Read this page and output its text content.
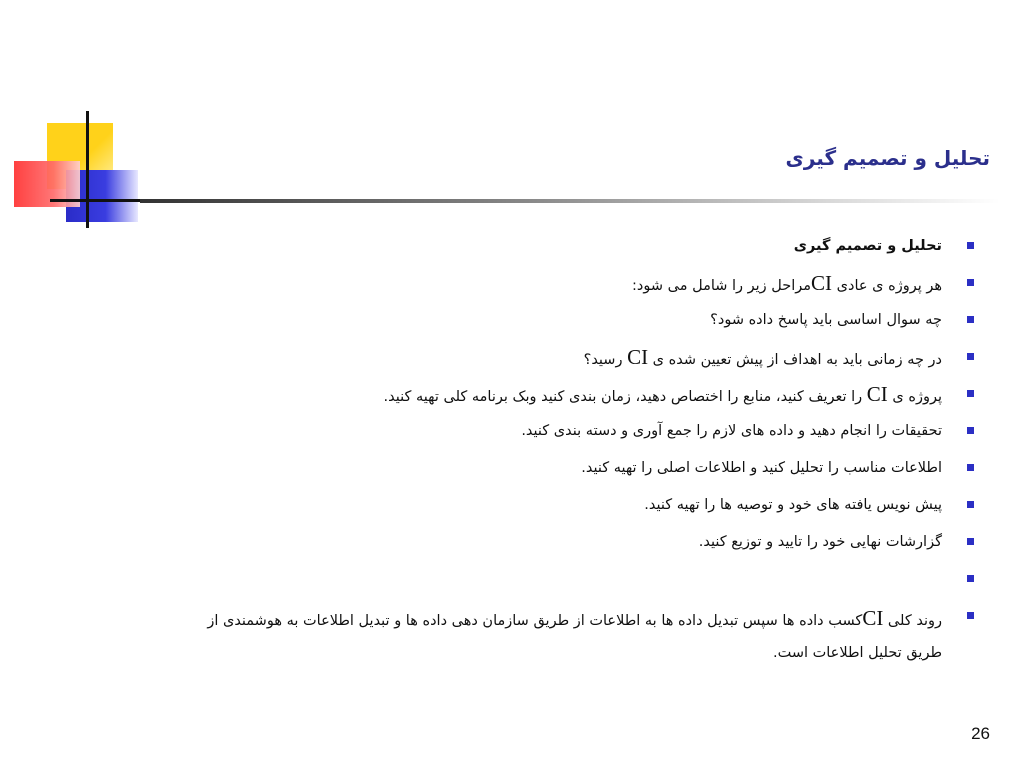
تحلیل و تصمیم گیری
تحلیل و تصمیم گیری
هر پروژه ی عادی CIمراحل زیر را شامل می شود:
چه سوال اساسی باید پاسخ داده شود؟
در چه زمانی باید به اهداف از پیش تعیین شده ی CI رسید؟
پروژه ی CI را تعریف کنید، منابع را اختصاص دهید، زمان بندی کنید وبک برنامه کلی تهیه کنید.
تحقیقات را انجام دهید و داده های لازم را جمع آوری و دسته بندی کنید.
اطلاعات مناسب را تحلیل کنید و اطلاعات اصلی را تهیه کنید.
پیش نویس یافته های خود و توصیه ها را تهیه کنید.
گزارشات نهایی خود را تایید و توزیع کنید.
روند کلی CIکسب داده ها سپس تبدیل داده ها به اطلاعات از طریق سازمان دهی داده ها و تبدیل اطلاعات به هوشمندی از طریق تحلیل اطلاعات است.
26
